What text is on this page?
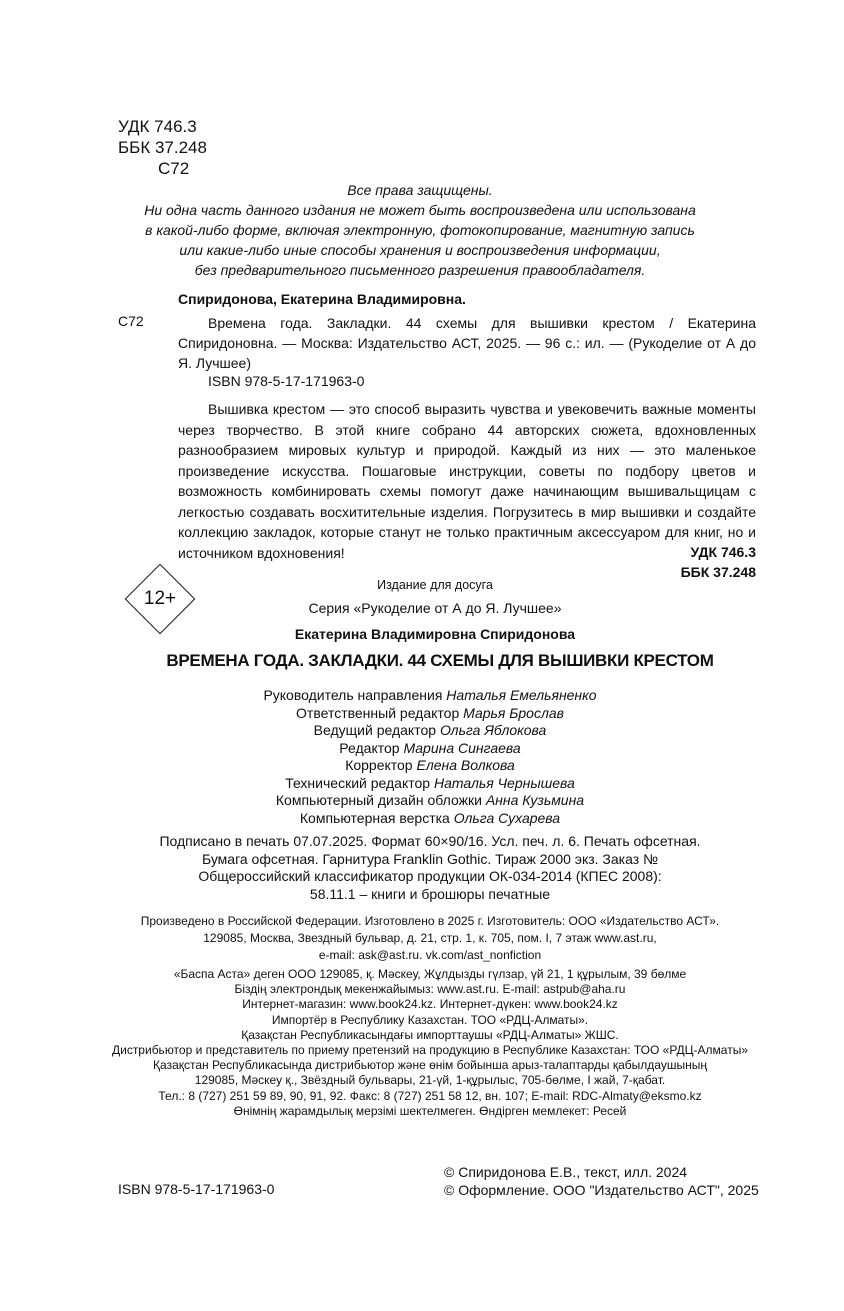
УДК 746.3
ББК 37.248
С72
Все права защищены.
Ни одна часть данного издания не может быть воспроизведена или использована
в какой-либо форме, включая электронную, фотокопирование, магнитную запись
или какие-либо иные способы хранения и воспроизведения информации,
без предварительного письменного разрешения правообладателя.
Спиридонова, Екатерина Владимировна.
С72	Времена года. Закладки. 44 схемы для вышивки крестом / Екатерина Спиридоновна. — Москва: Издательство АСТ, 2025. — 96 с.: ил. — (Рукоделие от А до Я. Лучшее)
ISBN 978-5-17-171963-0
Вышивка крестом — это способ выразить чувства и увековечить важные моменты через творчество. В этой книге собрано 44 авторских сюжета, вдохновленных разнообразием мировых культур и природой. Каждый из них — это маленькое произведение искусства. Пошаговые инструкции, советы по подбору цветов и возможность комбинировать схемы помогут даже начинающим вышивальщицам с легкостью создавать восхитительные изделия. Погрузитесь в мир вышивки и создайте коллекцию закладок, которые станут не только практичным аксессуаром для книг, но и источником вдохновения!	УДК 746.3
ББК 37.248
12+
Издание для досуга
Серия «Рукоделие от А до Я. Лучшее»
Екатерина Владимировна Спиридонова
ВРЕМЕНА ГОДА. ЗАКЛАДКИ. 44 СХЕМЫ ДЛЯ ВЫШИВКИ КРЕСТОМ
Руководитель направления Наталья Емельяненко
Ответственный редактор Марья Брослав
Ведущий редактор Ольга Яблокова
Редактор Марина Сингаева
Корректор Елена Волкова
Технический редактор Наталья Чернышева
Компьютерный дизайн обложки Анна Кузьмина
Компьютерная верстка Ольга Сухарева
Подписано в печать 07.07.2025. Формат 60×90/16. Усл. печ. л. 6. Печать офсетная.
Бумага офсетная. Гарнитура Franklin Gothic. Тираж 2000 экз. Заказ №
Общероссийский классификатор продукции ОК-034-2014 (КПЕС 2008):
58.11.1 – книги и брошюры печатные
Произведено в Российской Федерации. Изготовлено в 2025 г. Изготовитель: ООО «Издательство АСТ».
129085, Москва, Звездный бульвар, д. 21, стр. 1, к. 705, пом. I, 7 этаж www.ast.ru,
e-mail: ask@ast.ru. vk.com/ast_nonfiction
«Баспа Аста» деген ООО 129085, қ. Мәскеу, Жұлдызды гүлзар, үй 21, 1 құрылым, 39 бөлме
Біздің электрондық мекенжайымыз: www.ast.ru. E-mail: astpub@aha.ru
Интернет-магазин: www.book24.kz. Интернет-дүкен: www.book24.kz
Импортёр в Республику Казахстан. ТОО «РДЦ-Алматы».
Қазақстан Республикасындағы импорттаушы «РДЦ-Алматы» ЖШС.
Дистрибьютор и представитель по приему претензий на продукцию в Республике Казахстан: ТОО «РДЦ-Алматы»
Қазақстан Республикасында дистрибьютор және өнім бойынша арыз-талаптарды қабылдаушының
129085, Мәскеу қ., Звёздный бульвары, 21-үй, 1-құрылыс, 705-бөлме, I жай, 7-қабат.
Тел.: 8 (727) 251 59 89, 90, 91, 92. Факс: 8 (727) 251 58 12, вн. 107; E-mail: RDC-Almaty@eksmo.kz
Өнімнің жарамдылық мерзімі шектелмеген. Өндірген мемлекет: Ресей
© Спиридонова Е.В., текст, илл. 2024
© Оформление. ООО "Издательство АСТ", 2025
ISBN 978-5-17-171963-0
